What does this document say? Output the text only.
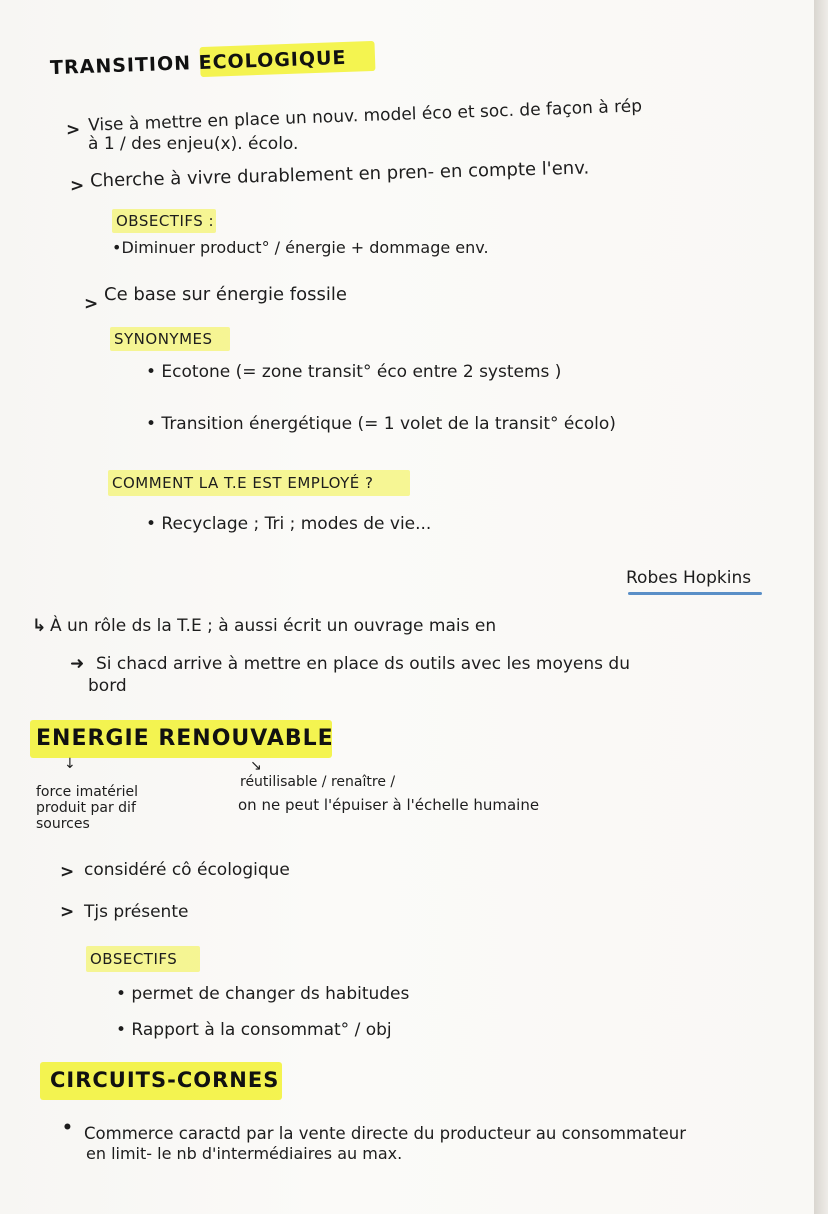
TRANSITION ECOLOGIQUE
> Vise à mettre en place un nouv. model éco et soc. de façon à rép
à 1 / des enjeu(x). écolo.
> Cherche à vivre durablement en pren- en compte l'env.
OBSECTIFS :
•Diminuer product° / énergie + dommage env.
> Ce base sur énergie fossile
SYNONYMES
• Ecotone (= zone transit° éco entre 2 systems )
• Transition énergétique (= 1 volet de la transit° écolo)
COMMENT LA T.E EST EMPLOYÉ ?
• Recyclage ; Tri ; modes de vie...
Robes Hopkins
↳ À un rôle ds la T.E ; à aussi écrit un ouvrage mais en
➜ Si chacd arrive à mettre en place ds outils avec les moyens du
bord
ENERGIE RENOUVABLE
↓
force imatériel
produit par dif
sources
↘
réutilisable / renaître /
on ne peut l'épuiser à l'échelle humaine
> considéré cô écologique
> Tjs présente
OBSECTIFS
• permet de changer ds habitudes
• Rapport à la consommat° / obj
CIRCUITS-CORNES
• Commerce caractd par la vente directe du producteur au consommateur
en limit- le nb d'intermédiaires au max.
